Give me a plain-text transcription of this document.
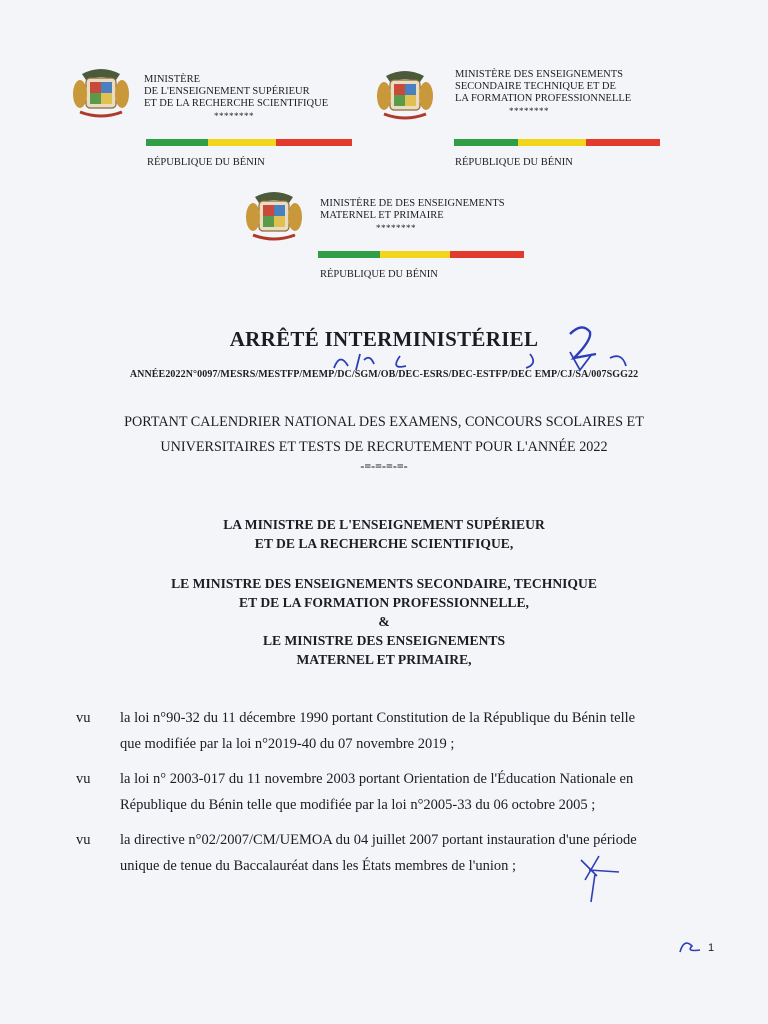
MINISTÈRE
DE L'ENSEIGNEMENT SUPÉRIEUR
ET DE LA RECHERCHE SCIENTIFIQUE
********
RÉPUBLIQUE DU BÉNIN
MINISTÈRE DES ENSEIGNEMENTS
SECONDAIRE TECHNIQUE ET DE
LA FORMATION PROFESSIONNELLE
********
RÉPUBLIQUE DU BÉNIN
MINISTÈRE DE DES ENSEIGNEMENTS
MATERNEL ET PRIMAIRE
********
RÉPUBLIQUE DU BÉNIN
ARRÊTÉ INTERMINISTÉRIEL
ANNÉE2022N°0097/MESRS/MESTFP/MEMP/DC/SGM/OB/DEC-ESRS/DEC-ESTFP/DEC EMP/CJ/SA/007SGG22
PORTANT CALENDRIER NATIONAL DES EXAMENS, CONCOURS SCOLAIRES ET
UNIVERSITAIRES ET TESTS DE RECRUTEMENT POUR L'ANNÉE 2022
-=-=-=-=-
LA MINISTRE DE L'ENSEIGNEMENT SUPÉRIEUR
ET DE LA RECHERCHE SCIENTIFIQUE,
LE MINISTRE DES ENSEIGNEMENTS SECONDAIRE, TECHNIQUE
ET DE LA FORMATION PROFESSIONNELLE,
&
LE MINISTRE DES ENSEIGNEMENTS
MATERNEL ET PRIMAIRE,
vu la loi n°90-32 du 11 décembre 1990 portant Constitution de la République du Bénin telle
que modifiée par la loi n°2019-40 du 07 novembre 2019 ;
vu la loi n° 2003-017 du 11 novembre 2003 portant Orientation de l'Éducation Nationale en
République du Bénin telle que modifiée par la loi n°2005-33 du 06 octobre 2005 ;
vu la directive n°02/2007/CM/UEMOA du 04 juillet 2007 portant instauration d'une période
unique de tenue du Baccalauréat dans les États membres de l'union ;
1
